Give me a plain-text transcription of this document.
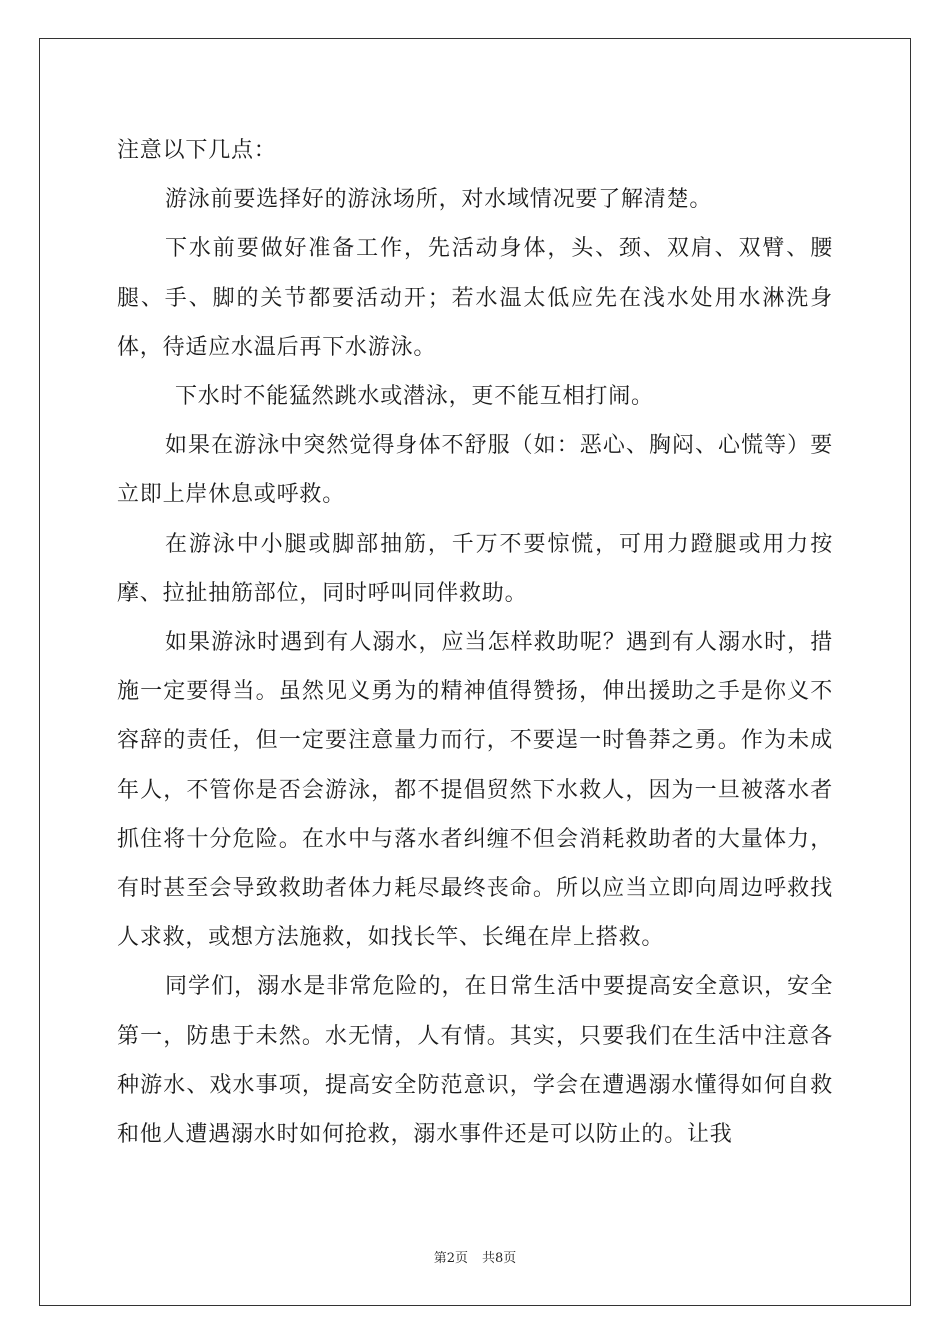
注意以下几点：

游泳前要选择好的游泳场所，对水域情况要了解清楚。

下水前要做好准备工作，先活动身体，头、颈、双肩、双臂、腰腿、手、脚的关节都要活动开；若水温太低应先在浅水处用水淋洗身体，待适应水温后再下水游泳。

下水时不能猛然跳水或潜泳，更不能互相打闹。

如果在游泳中突然觉得身体不舒服（如：恶心、胸闷、心慌等）要立即上岸休息或呼救。

在游泳中小腿或脚部抽筋，千万不要惊慌，可用力蹬腿或用力按摩、拉扯抽筋部位，同时呼叫同伴救助。

如果游泳时遇到有人溺水，应当怎样救助呢？遇到有人溺水时，措施一定要得当。虽然见义勇为的精神值得赞扬，伸出援助之手是你义不容辞的责任，但一定要注意量力而行，不要逞一时鲁莽之勇。作为未成年人，不管你是否会游泳，都不提倡贸然下水救人，因为一旦被落水者抓住将十分危险。在水中与落水者纠缠不但会消耗救助者的大量体力，有时甚至会导致救助者体力耗尽最终丧命。所以应当立即向周边呼救找人求救，或想方法施救，如找长竿、长绳在岸上搭救。

同学们，溺水是非常危险的，在日常生活中要提高安全意识，安全第一，防患于未然。水无情，人有情。其实，只要我们在生活中注意各种游水、戏水事项，提高安全防范意识，学会在遭遇溺水懂得如何自救和他人遭遇溺水时如何抢救，溺水事件还是可以防止的。让我

第2页 共8页
